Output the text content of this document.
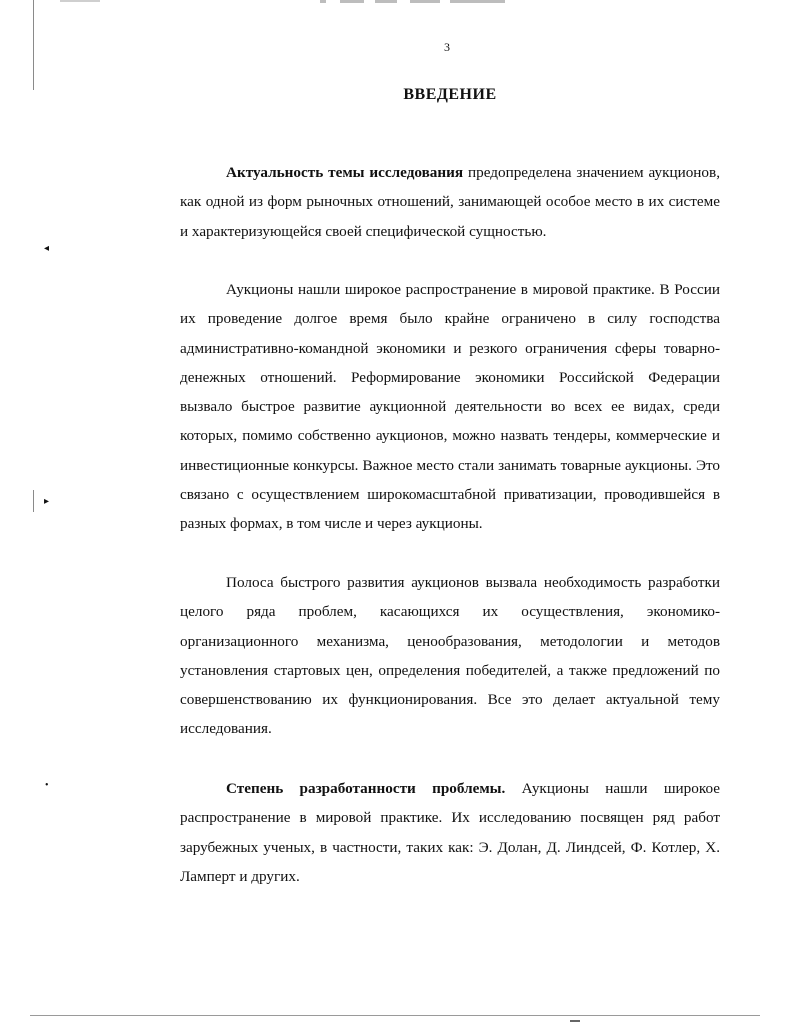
◂
▸
•
3
ВВЕДЕНИЕ

Актуальность темы исследования предопределена значением аукционов, как одной из форм рыночных отношений, занимающей особое место в их системе и характеризующейся своей специфической сущностью.

Аукционы нашли широкое распространение в мировой практике. В России их проведение долгое время было крайне ограничено в силу господства административно-командной экономики и резкого ограничения сферы товарно-денежных отношений. Реформирование экономики Российской Федерации вызвало быстрое развитие аукционной деятельности во всех ее видах, среди которых, помимо собственно аукционов, можно назвать тендеры, коммерческие и инвестиционные конкурсы. Важное место стали занимать товарные аукционы. Это связано с осуществлением широкомасштабной приватизации, проводившейся в разных формах, в том числе и через аукционы.

Полоса быстрого развития аукционов вызвала необходимость разработки целого ряда проблем, касающихся их осуществления, экономико-организационного механизма, ценообразования, методологии и методов установления стартовых цен, определения победителей, а также предложений по совершенствованию их функционирования. Все это делает актуальной тему исследования.

Степень разработанности проблемы. Аукционы нашли широкое распространение в мировой практике. Их исследованию посвящен ряд работ зарубежных ученых, в частности, таких как: Э. Долан, Д. Линдсей, Ф. Котлер, Х. Ламперт и других.
